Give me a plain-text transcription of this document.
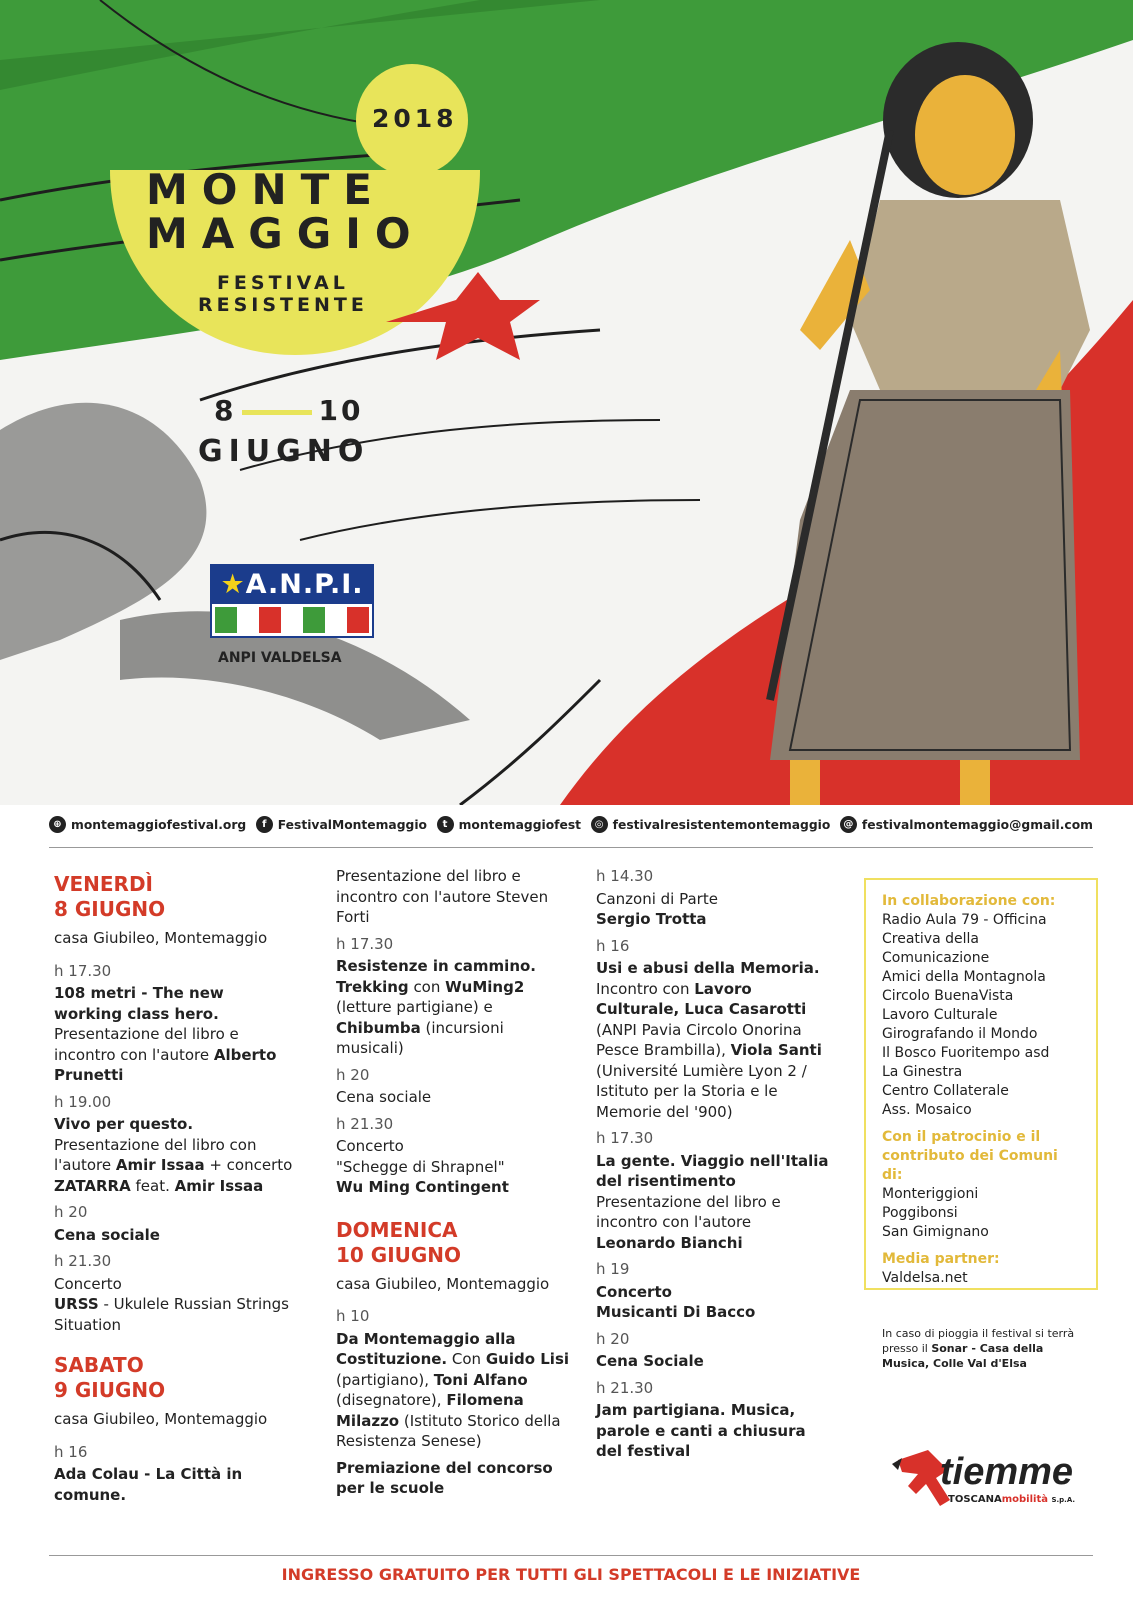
2018
MONTE
MAGGIO
FESTIVAL
RESISTENTE
8	10
GIUGNO
★A.N.P.I.
ANPI VALDELSA
⊕ montemaggiofestival.org	f FestivalMontemaggio	t montemaggiofest	◎ festivalresistentemontemaggio	@ festivalmontemaggio@gmail.com
VENERDÌ
8 GIUGNO
casa Giubileo, Montemaggio
h 17.30
108 metri - The new working class hero.
Presentazione del libro e incontro con l'autore Alberto Prunetti
h 19.00
Vivo per questo.
Presentazione del libro con l'autore Amir Issaa + concerto ZATARRA feat. Amir Issaa
h 20
Cena sociale
h 21.30
Concerto
URSS - Ukulele Russian Strings Situation
SABATO
9 GIUGNO
casa Giubileo, Montemaggio
h 16
Ada Colau - La Città in comune.
Presentazione del libro e incontro con l'autore Steven Forti
h 17.30
Resistenze in cammino.
Trekking con WuMing2 (letture partigiane) e Chibumba (incursioni musicali)
h 20
Cena sociale
h 21.30
Concerto
"Schegge di Shrapnel"
Wu Ming Contingent
DOMENICA
10 GIUGNO
casa Giubileo, Montemaggio
h 10
Da Montemaggio alla Costituzione. Con Guido Lisi (partigiano), Toni Alfano (disegnatore), Filomena Milazzo (Istituto Storico della Resistenza Senese)
Premiazione del concorso per le scuole
h 14.30
Canzoni di Parte
Sergio Trotta
h 16
Usi e abusi della Memoria. Incontro con Lavoro Culturale, Luca Casarotti (ANPI Pavia Circolo Onorina Pesce Brambilla), Viola Santi (Université Lumière Lyon 2 / Istituto per la Storia e le Memorie del '900)
h 17.30
La gente. Viaggio nell'Italia del risentimento
Presentazione del libro e incontro con l'autore
Leonardo Bianchi
h 19
Concerto
Musicanti Di Bacco
h 20
Cena Sociale
h 21.30
Jam partigiana. Musica, parole e canti a chiusura del festival
In collaborazione con:
Radio Aula 79 - Officina Creativa della Comunicazione
Amici della Montagnola
Circolo BuenaVista
Lavoro Culturale
Girografando il Mondo
Il Bosco Fuoritempo asd
La Ginestra
Centro Collaterale
Ass. Mosaico
Con il patrocinio e il contributo dei Comuni di:
Monteriggioni
Poggibonsi
San Gimignano
Media partner:
Valdelsa.net
In caso di pioggia il festival si terrà presso il Sonar - Casa della Musica, Colle Val d'Elsa
tiemme
TOSCANAmobilità S.p.A.
INGRESSO GRATUITO PER TUTTI GLI SPETTACOLI E LE INIZIATIVE
